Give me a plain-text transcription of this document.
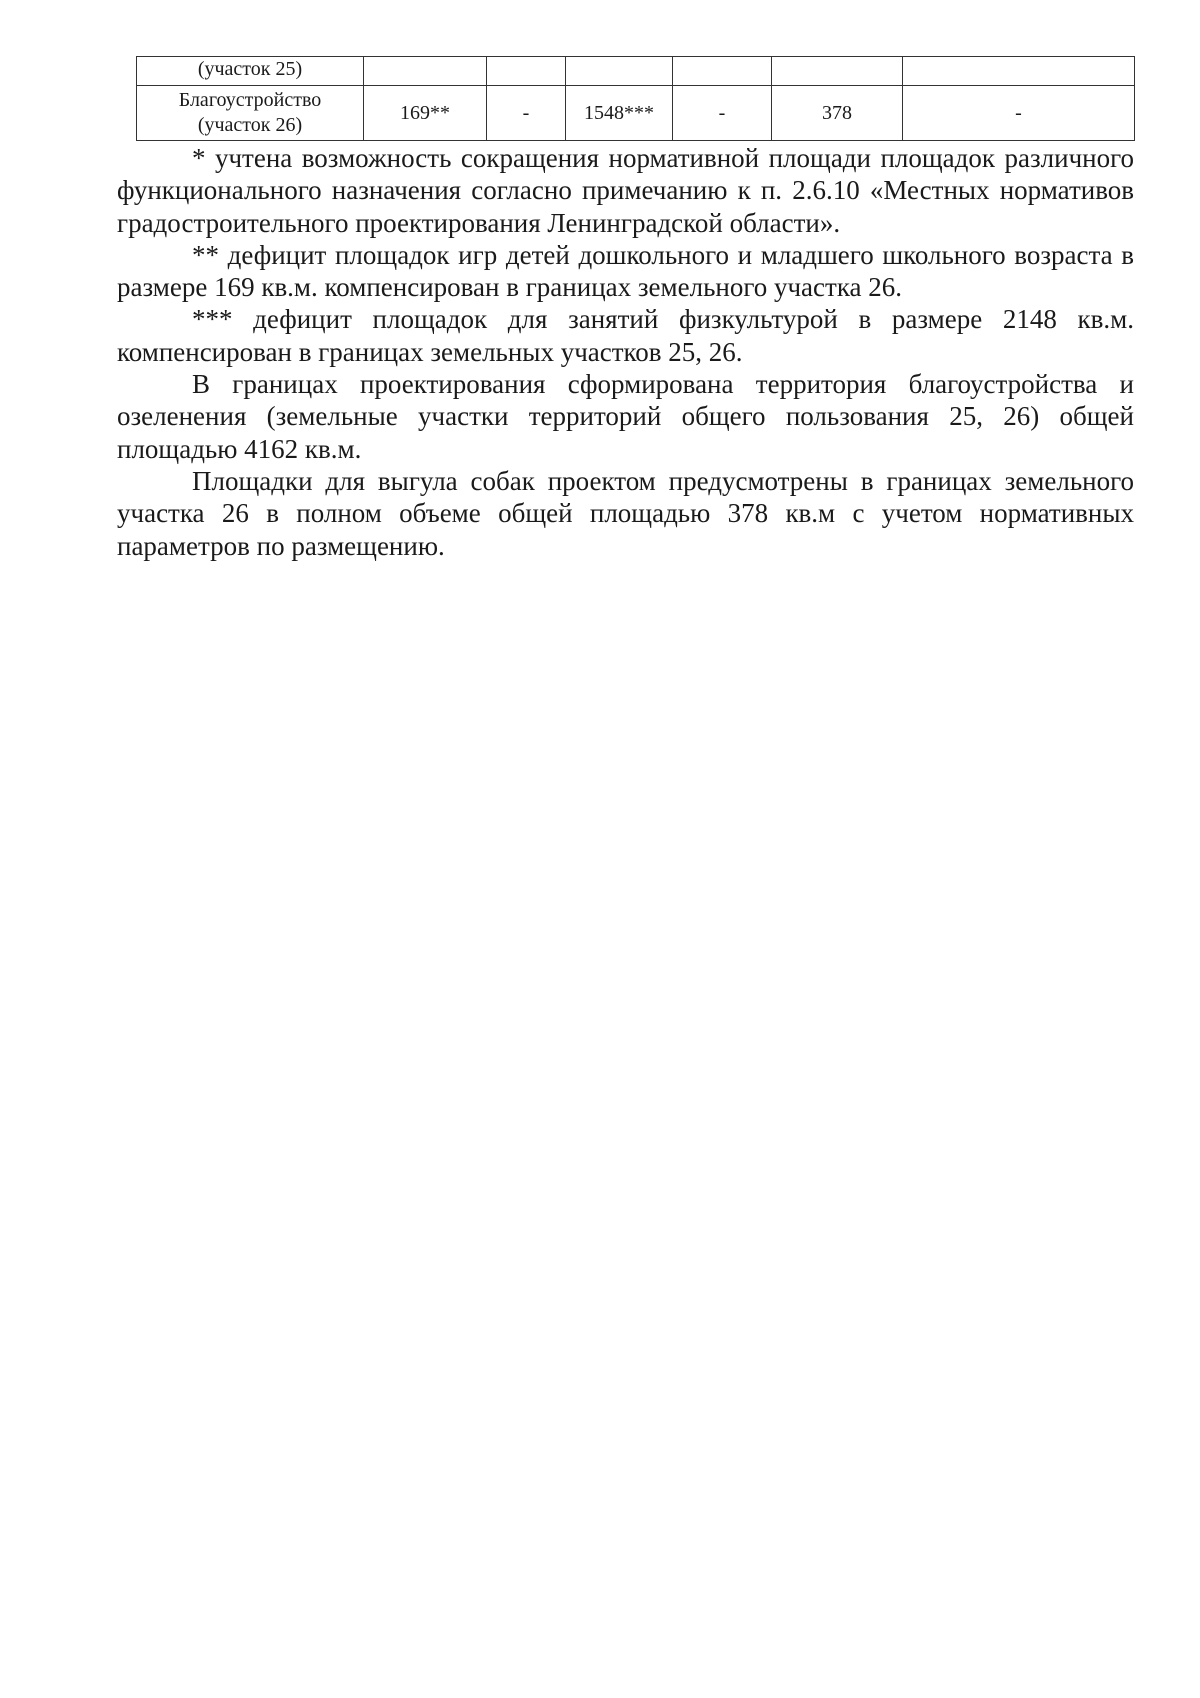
(участок 25)						
Благоустройство
(участок 26)	169**	-	1548***	-	378	-

* учтена возможность сокращения нормативной площади площадок различного функционального назначения согласно примечанию к п. 2.6.10 «Местных нормативов градостроительного проектирования Ленинградской области».

** дефицит площадок игр детей дошкольного и младшего школьного возраста в размере 169 кв.м. компенсирован в границах земельного участка 26.

*** дефицит площадок для занятий физкультурой в размере 2148 кв.м. компенсирован в границах земельных участков 25, 26.

В границах проектирования сформирована территория благоустройства и озеленения (земельные участки территорий общего пользования 25, 26) общей площадью 4162 кв.м.

Площадки для выгула собак проектом предусмотрены в границах земельного участка 26 в полном объеме общей площадью 378 кв.м с учетом нормативных параметров по размещению.
